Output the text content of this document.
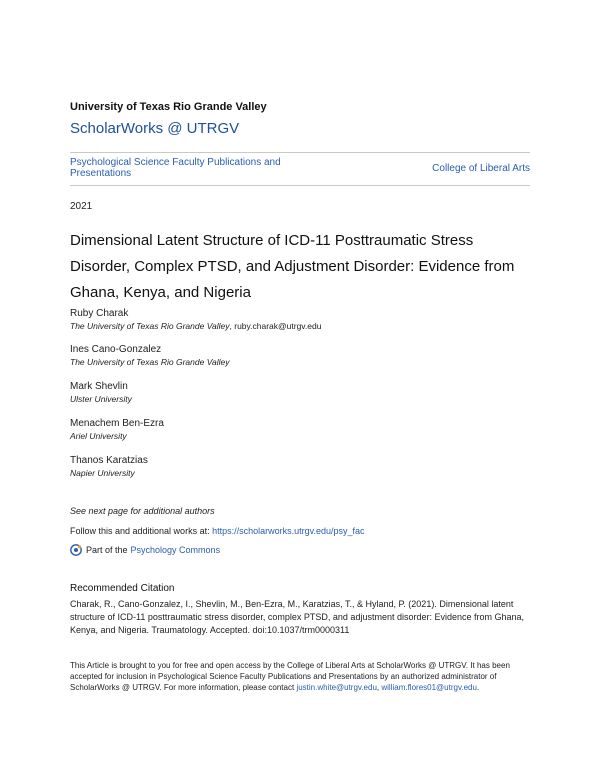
University of Texas Rio Grande Valley
ScholarWorks @ UTRGV
Psychological Science Faculty Publications and Presentations	College of Liberal Arts
2021
Dimensional Latent Structure of ICD-11 Posttraumatic Stress Disorder, Complex PTSD, and Adjustment Disorder: Evidence from Ghana, Kenya, and Nigeria
Ruby Charak
The University of Texas Rio Grande Valley, ruby.charak@utrgv.edu
Ines Cano-Gonzalez
The University of Texas Rio Grande Valley
Mark Shevlin
Ulster University
Menachem Ben-Ezra
Ariel University
Thanos Karatzias
Napier University
See next page for additional authors
Follow this and additional works at: https://scholarworks.utrgv.edu/psy_fac
Part of the Psychology Commons
Recommended Citation
Charak, R., Cano-Gonzalez, I., Shevlin, M., Ben-Ezra, M., Karatzias, T., & Hyland, P. (2021). Dimensional latent structure of ICD-11 posttraumatic stress disorder, complex PTSD, and adjustment disorder: Evidence from Ghana, Kenya, and Nigeria. Traumatology. Accepted. doi:10.1037/trm0000311
This Article is brought to you for free and open access by the College of Liberal Arts at ScholarWorks @ UTRGV. It has been accepted for inclusion in Psychological Science Faculty Publications and Presentations by an authorized administrator of ScholarWorks @ UTRGV. For more information, please contact justin.white@utrgv.edu, william.flores01@utrgv.edu.
